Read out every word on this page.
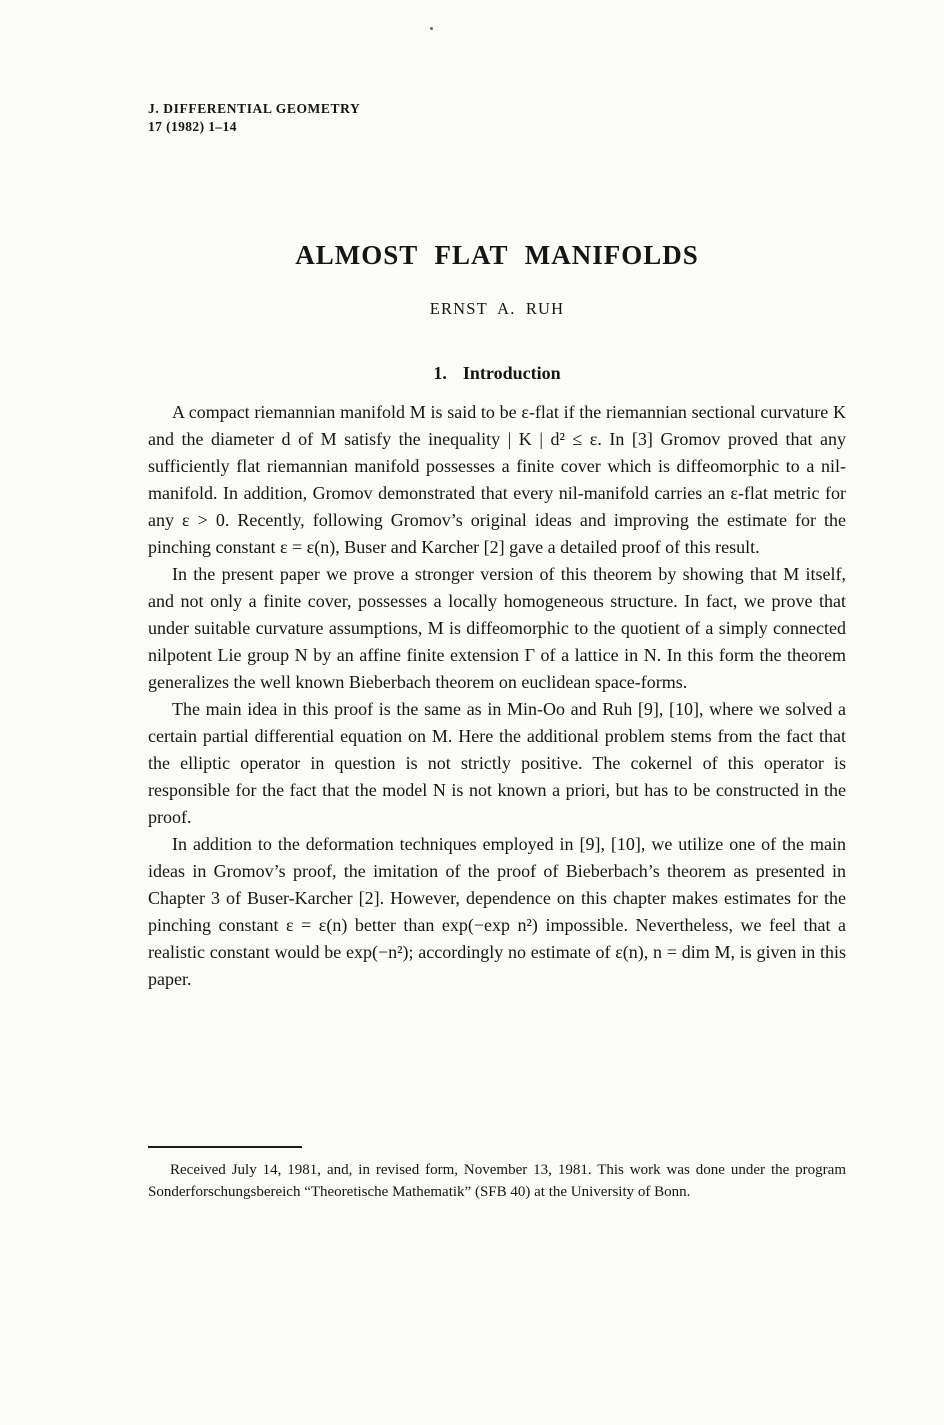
J. DIFFERENTIAL GEOMETRY
17 (1982) 1–14
ALMOST FLAT MANIFOLDS
ERNST A. RUH
1. Introduction

A compact riemannian manifold M is said to be ε-flat if the riemannian sectional curvature K and the diameter d of M satisfy the inequality | K | d² ≤ ε. In [3] Gromov proved that any sufficiently flat riemannian manifold possesses a finite cover which is diffeomorphic to a nil-manifold. In addition, Gromov demonstrated that every nil-manifold carries an ε-flat metric for any ε > 0. Recently, following Gromov’s original ideas and improving the estimate for the pinching constant ε = ε(n), Buser and Karcher [2] gave a detailed proof of this result.

In the present paper we prove a stronger version of this theorem by showing that M itself, and not only a finite cover, possesses a locally homogeneous structure. In fact, we prove that under suitable curvature assumptions, M is diffeomorphic to the quotient of a simply connected nilpotent Lie group N by an affine finite extension Γ of a lattice in N. In this form the theorem generalizes the well known Bieberbach theorem on euclidean space-forms.

The main idea in this proof is the same as in Min-Oo and Ruh [9], [10], where we solved a certain partial differential equation on M. Here the additional problem stems from the fact that the elliptic operator in question is not strictly positive. The cokernel of this operator is responsible for the fact that the model N is not known a priori, but has to be constructed in the proof.

In addition to the deformation techniques employed in [9], [10], we utilize one of the main ideas in Gromov’s proof, the imitation of the proof of Bieberbach’s theorem as presented in Chapter 3 of Buser-Karcher [2]. However, dependence on this chapter makes estimates for the pinching constant ε = ε(n) better than exp(−exp n²) impossible. Nevertheless, we feel that a realistic constant would be exp(−n²); accordingly no estimate of ε(n), n = dim M, is given in this paper.

Received July 14, 1981, and, in revised form, November 13, 1981. This work was done under the program Sonderforschungsbereich “Theoretische Mathematik” (SFB 40) at the University of Bonn.
